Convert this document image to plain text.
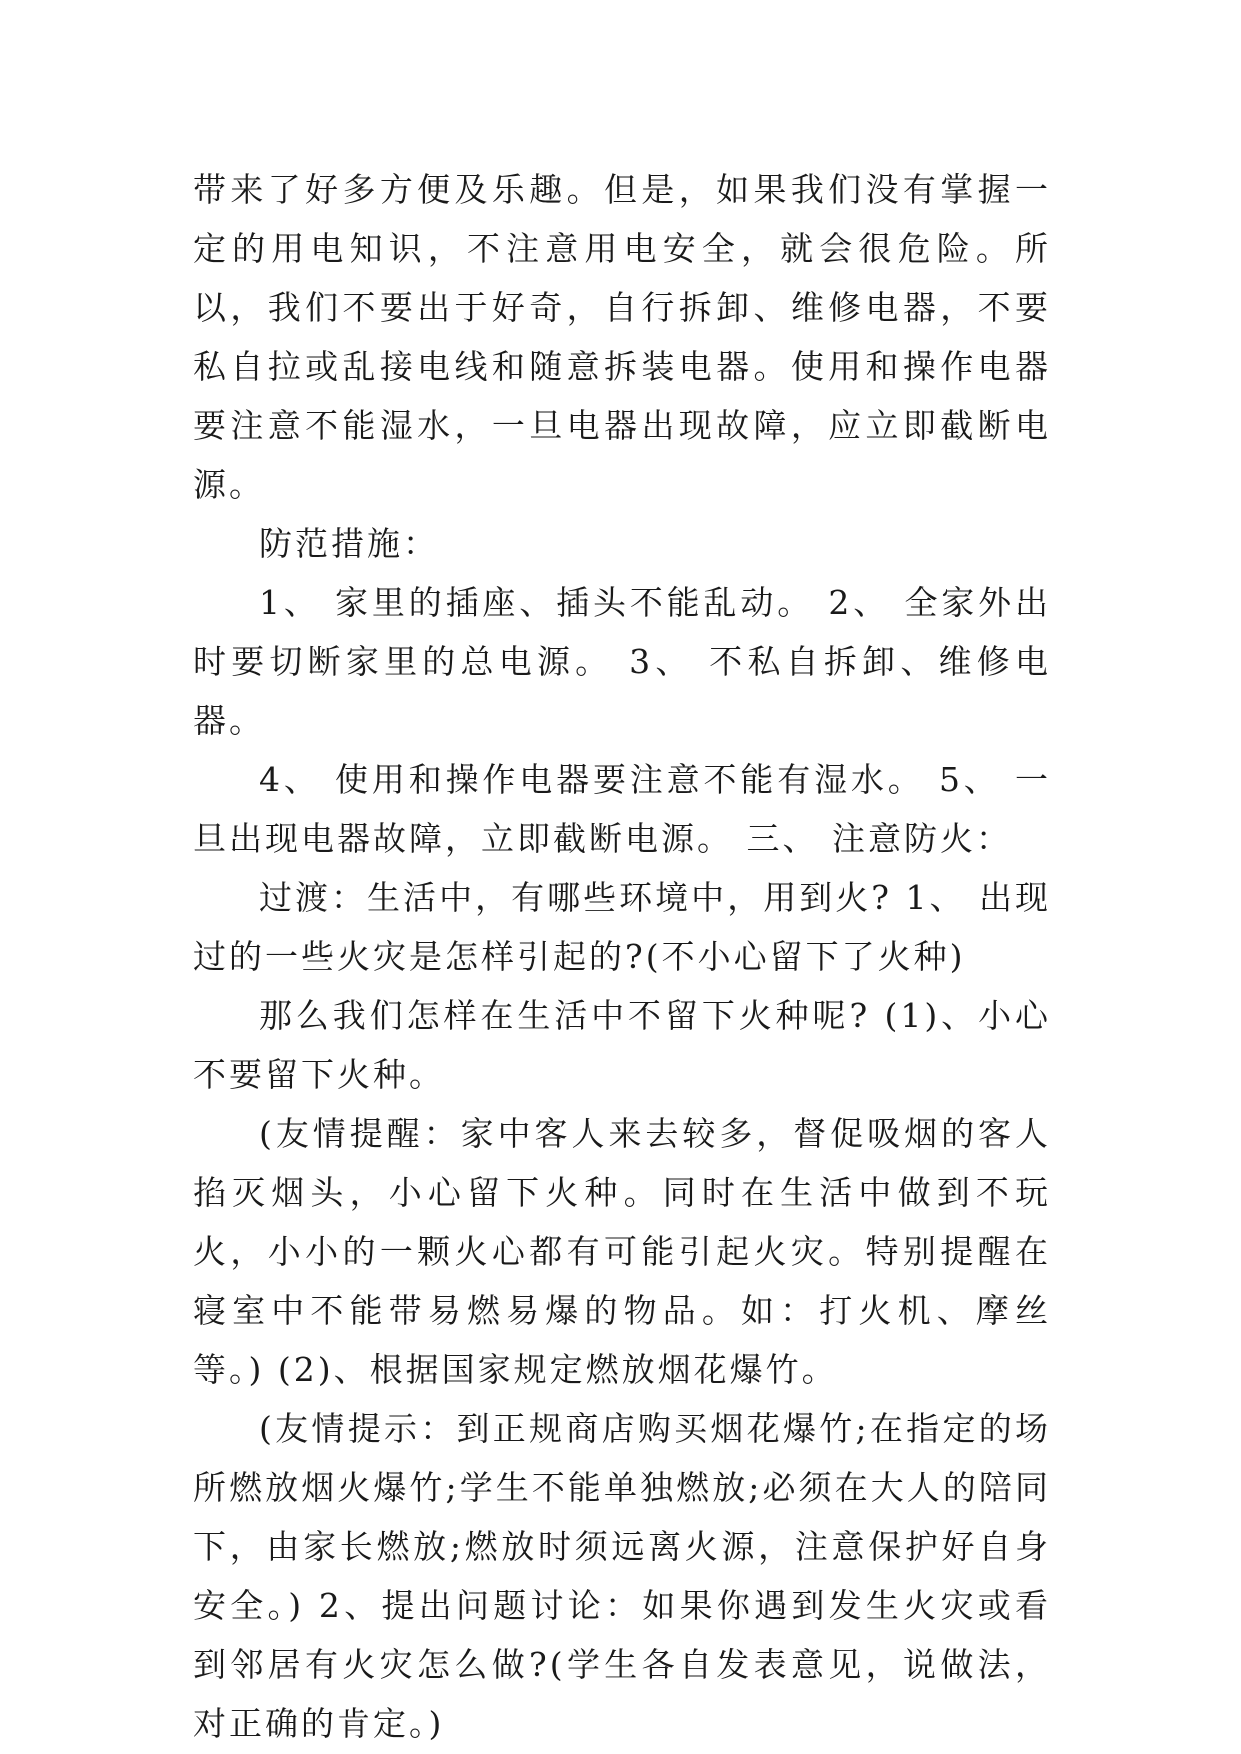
带来了好多方便及乐趣。但是，如果我们没有掌握一定的用电知识，不注意用电安全，就会很危险。所以，我们不要出于好奇，自行拆卸、维修电器，不要私自拉或乱接电线和随意拆装电器。使用和操作电器要注意不能湿水，一旦电器出现故障，应立即截断电源。

防范措施：

1、 家里的插座、插头不能乱动。 2、 全家外出时要切断家里的总电源。 3、 不私自拆卸、维修电器。

4、 使用和操作电器要注意不能有湿水。 5、 一旦出现电器故障，立即截断电源。 三、 注意防火：

过渡：生活中，有哪些环境中，用到火? 1、 出现过的一些火灾是怎样引起的?(不小心留下了火种)

那么我们怎样在生活中不留下火种呢? (1)、小心不要留下火种。

(友情提醒：家中客人来去较多，督促吸烟的客人掐灭烟头，小心留下火种。同时在生活中做到不玩火，小小的一颗火心都有可能引起火灾。特别提醒在寝室中不能带易燃易爆的物品。如：打火机、摩丝等。) (2)、根据国家规定燃放烟花爆竹。

(友情提示：到正规商店购买烟花爆竹;在指定的场所燃放烟火爆竹;学生不能单独燃放;必须在大人的陪同下，由家长燃放;燃放时须远离火源，注意保护好自身安全。) 2、提出问题讨论：如果你遇到发生火灾或看到邻居有火灾怎么做?(学生各自发表意见，说做法，对正确的肯定。)
